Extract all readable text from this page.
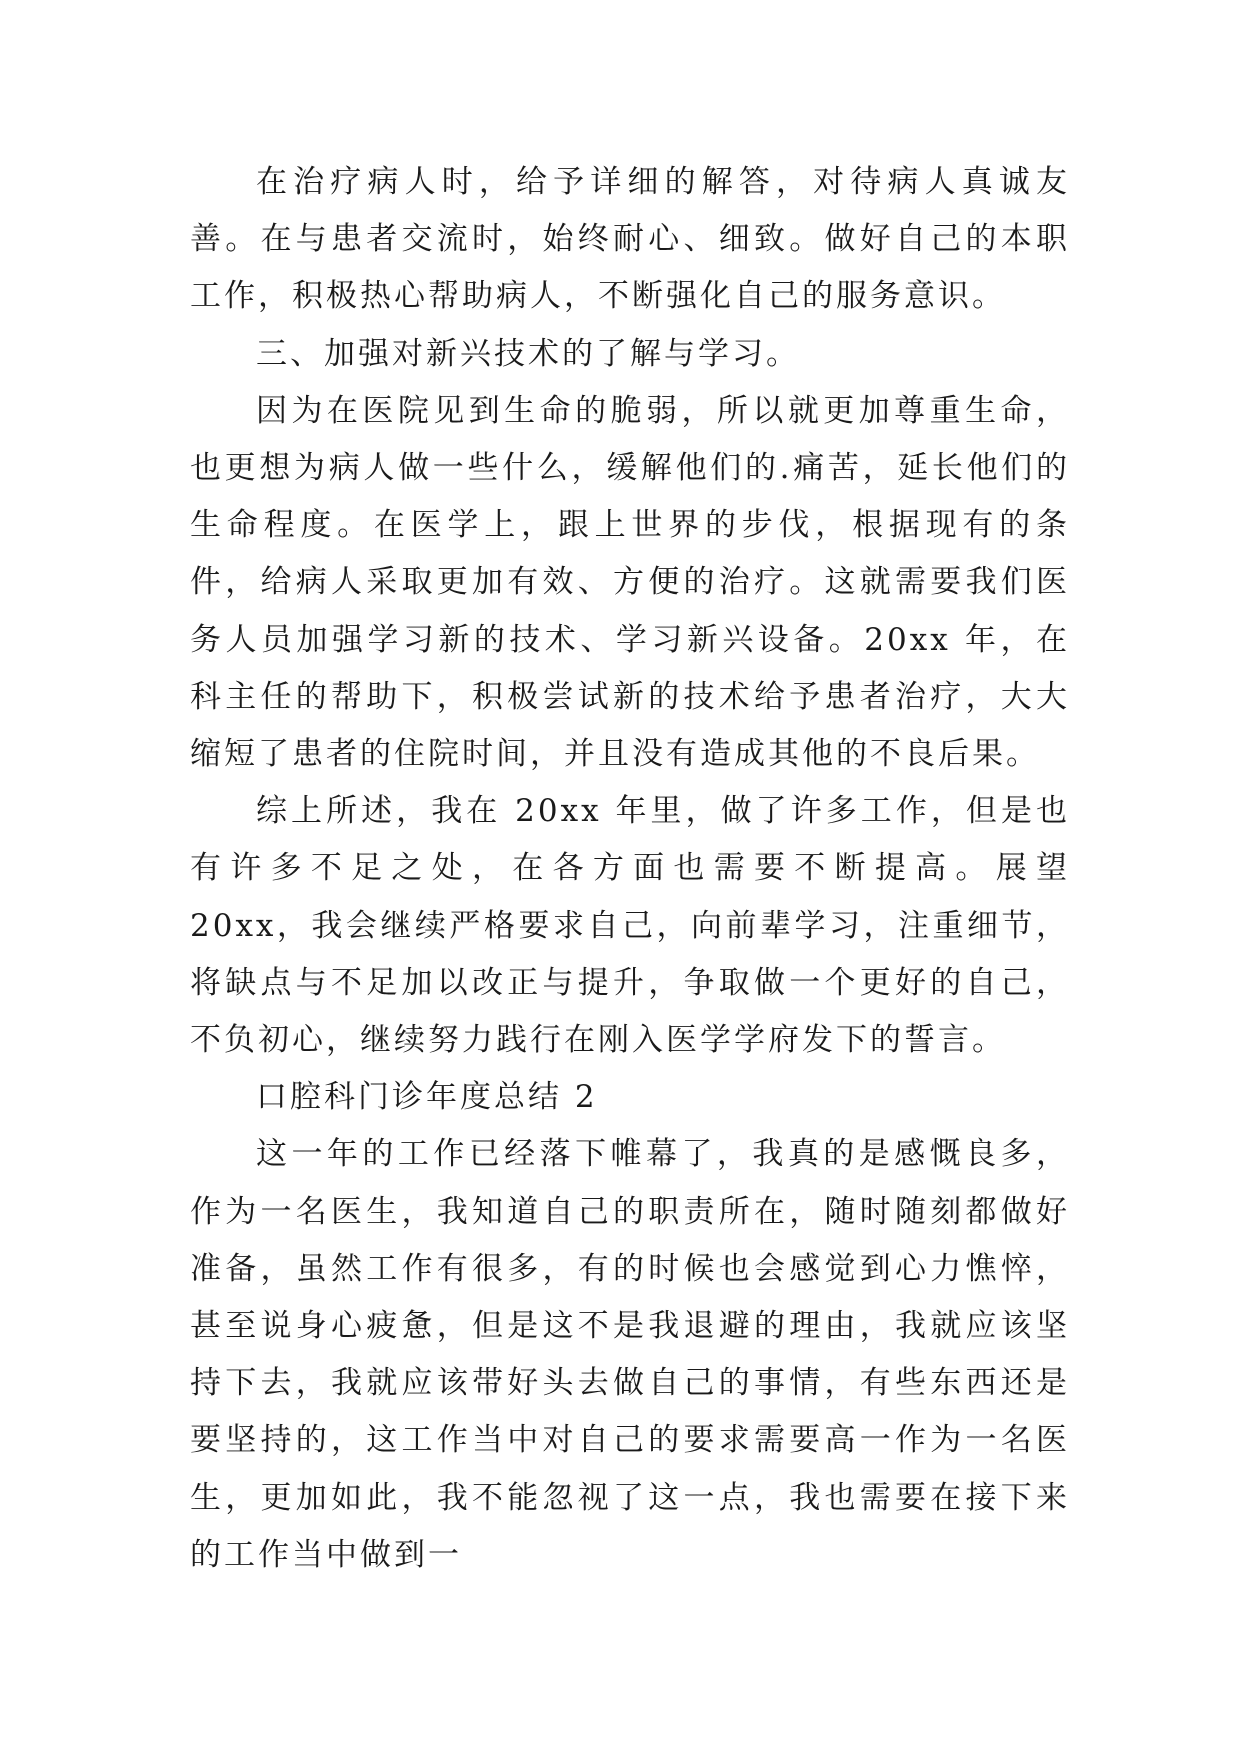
在治疗病人时，给予详细的解答，对待病人真诚友善。在与患者交流时，始终耐心、细致。做好自己的本职工作，积极热心帮助病人，不断强化自己的服务意识。

三、加强对新兴技术的了解与学习。

因为在医院见到生命的脆弱，所以就更加尊重生命，也更想为病人做一些什么，缓解他们的.痛苦，延长他们的生命程度。在医学上，跟上世界的步伐，根据现有的条件，给病人采取更加有效、方便的治疗。这就需要我们医务人员加强学习新的技术、学习新兴设备。20xx 年，在科主任的帮助下，积极尝试新的技术给予患者治疗，大大缩短了患者的住院时间，并且没有造成其他的不良后果。

综上所述，我在 20xx 年里，做了许多工作，但是也有许多不足之处，在各方面也需要不断提高。展望 20xx，我会继续严格要求自己，向前辈学习，注重细节，将缺点与不足加以改正与提升，争取做一个更好的自己，不负初心，继续努力践行在刚入医学学府发下的誓言。

口腔科门诊年度总结 2

这一年的工作已经落下帷幕了，我真的是感慨良多，作为一名医生，我知道自己的职责所在，随时随刻都做好准备，虽然工作有很多，有的时候也会感觉到心力憔悴，甚至说身心疲惫，但是这不是我退避的理由，我就应该坚持下去，我就应该带好头去做自己的事情，有些东西还是要坚持的，这工作当中对自己的要求需要高一作为一名医生，更加如此，我不能忽视了这一点，我也需要在接下来的工作当中做到一
